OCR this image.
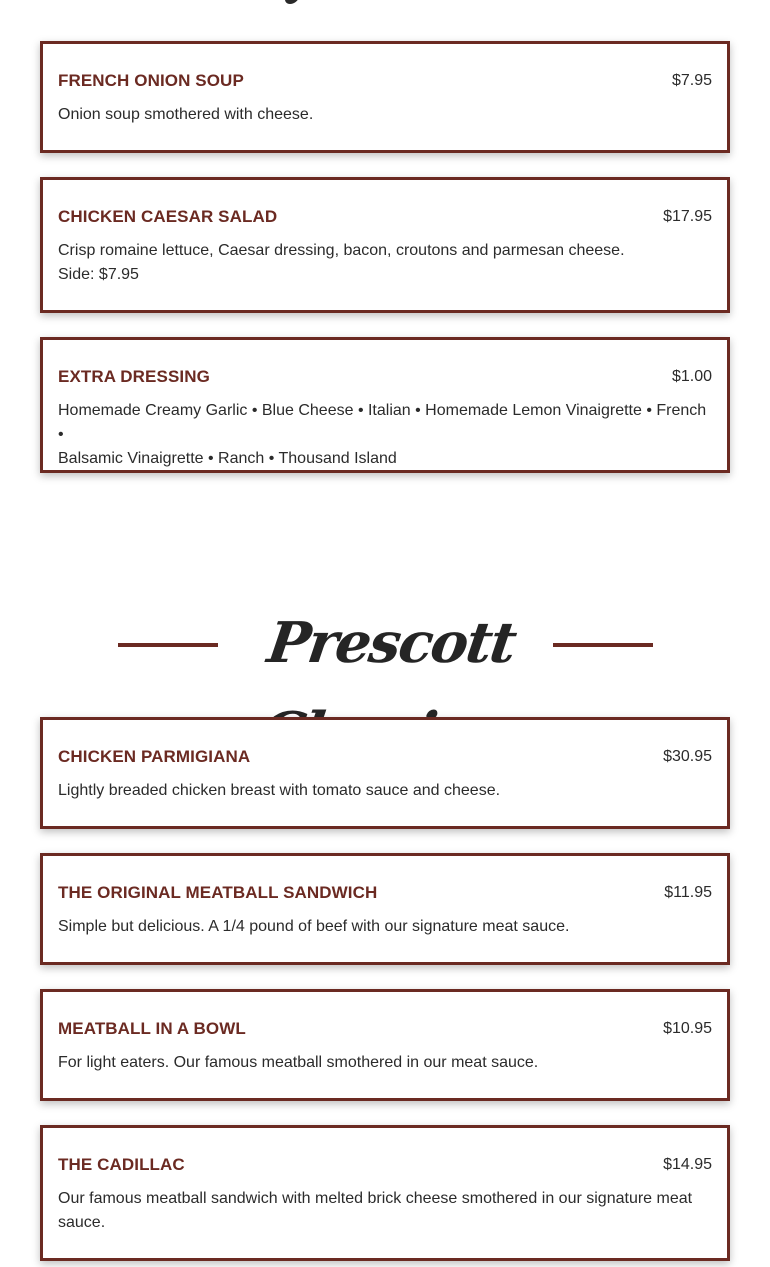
FRENCH ONION SOUP	$7.95
Onion soup smothered with cheese.
CHICKEN CAESAR SALAD	$17.95
Crisp romaine lettuce, Caesar dressing, bacon, croutons and parmesan cheese.
Side: $7.95
EXTRA DRESSING	$1.00
Homemade Creamy Garlic • Blue Cheese • Italian • Homemade Lemon Vinaigrette • French •
Balsamic Vinaigrette • Ranch • Thousand Island
Prescott
CHICKEN PARMIGIANA	$30.95
Lightly breaded chicken breast with tomato sauce and cheese.
THE ORIGINAL MEATBALL SANDWICH	$11.95
Simple but delicious. A 1/4 pound of beef with our signature meat sauce.
MEATBALL IN A BOWL	$10.95
For light eaters. Our famous meatball smothered in our meat sauce.
THE CADILLAC	$14.95
Our famous meatball sandwich with melted brick cheese smothered in our signature meat
sauce.
